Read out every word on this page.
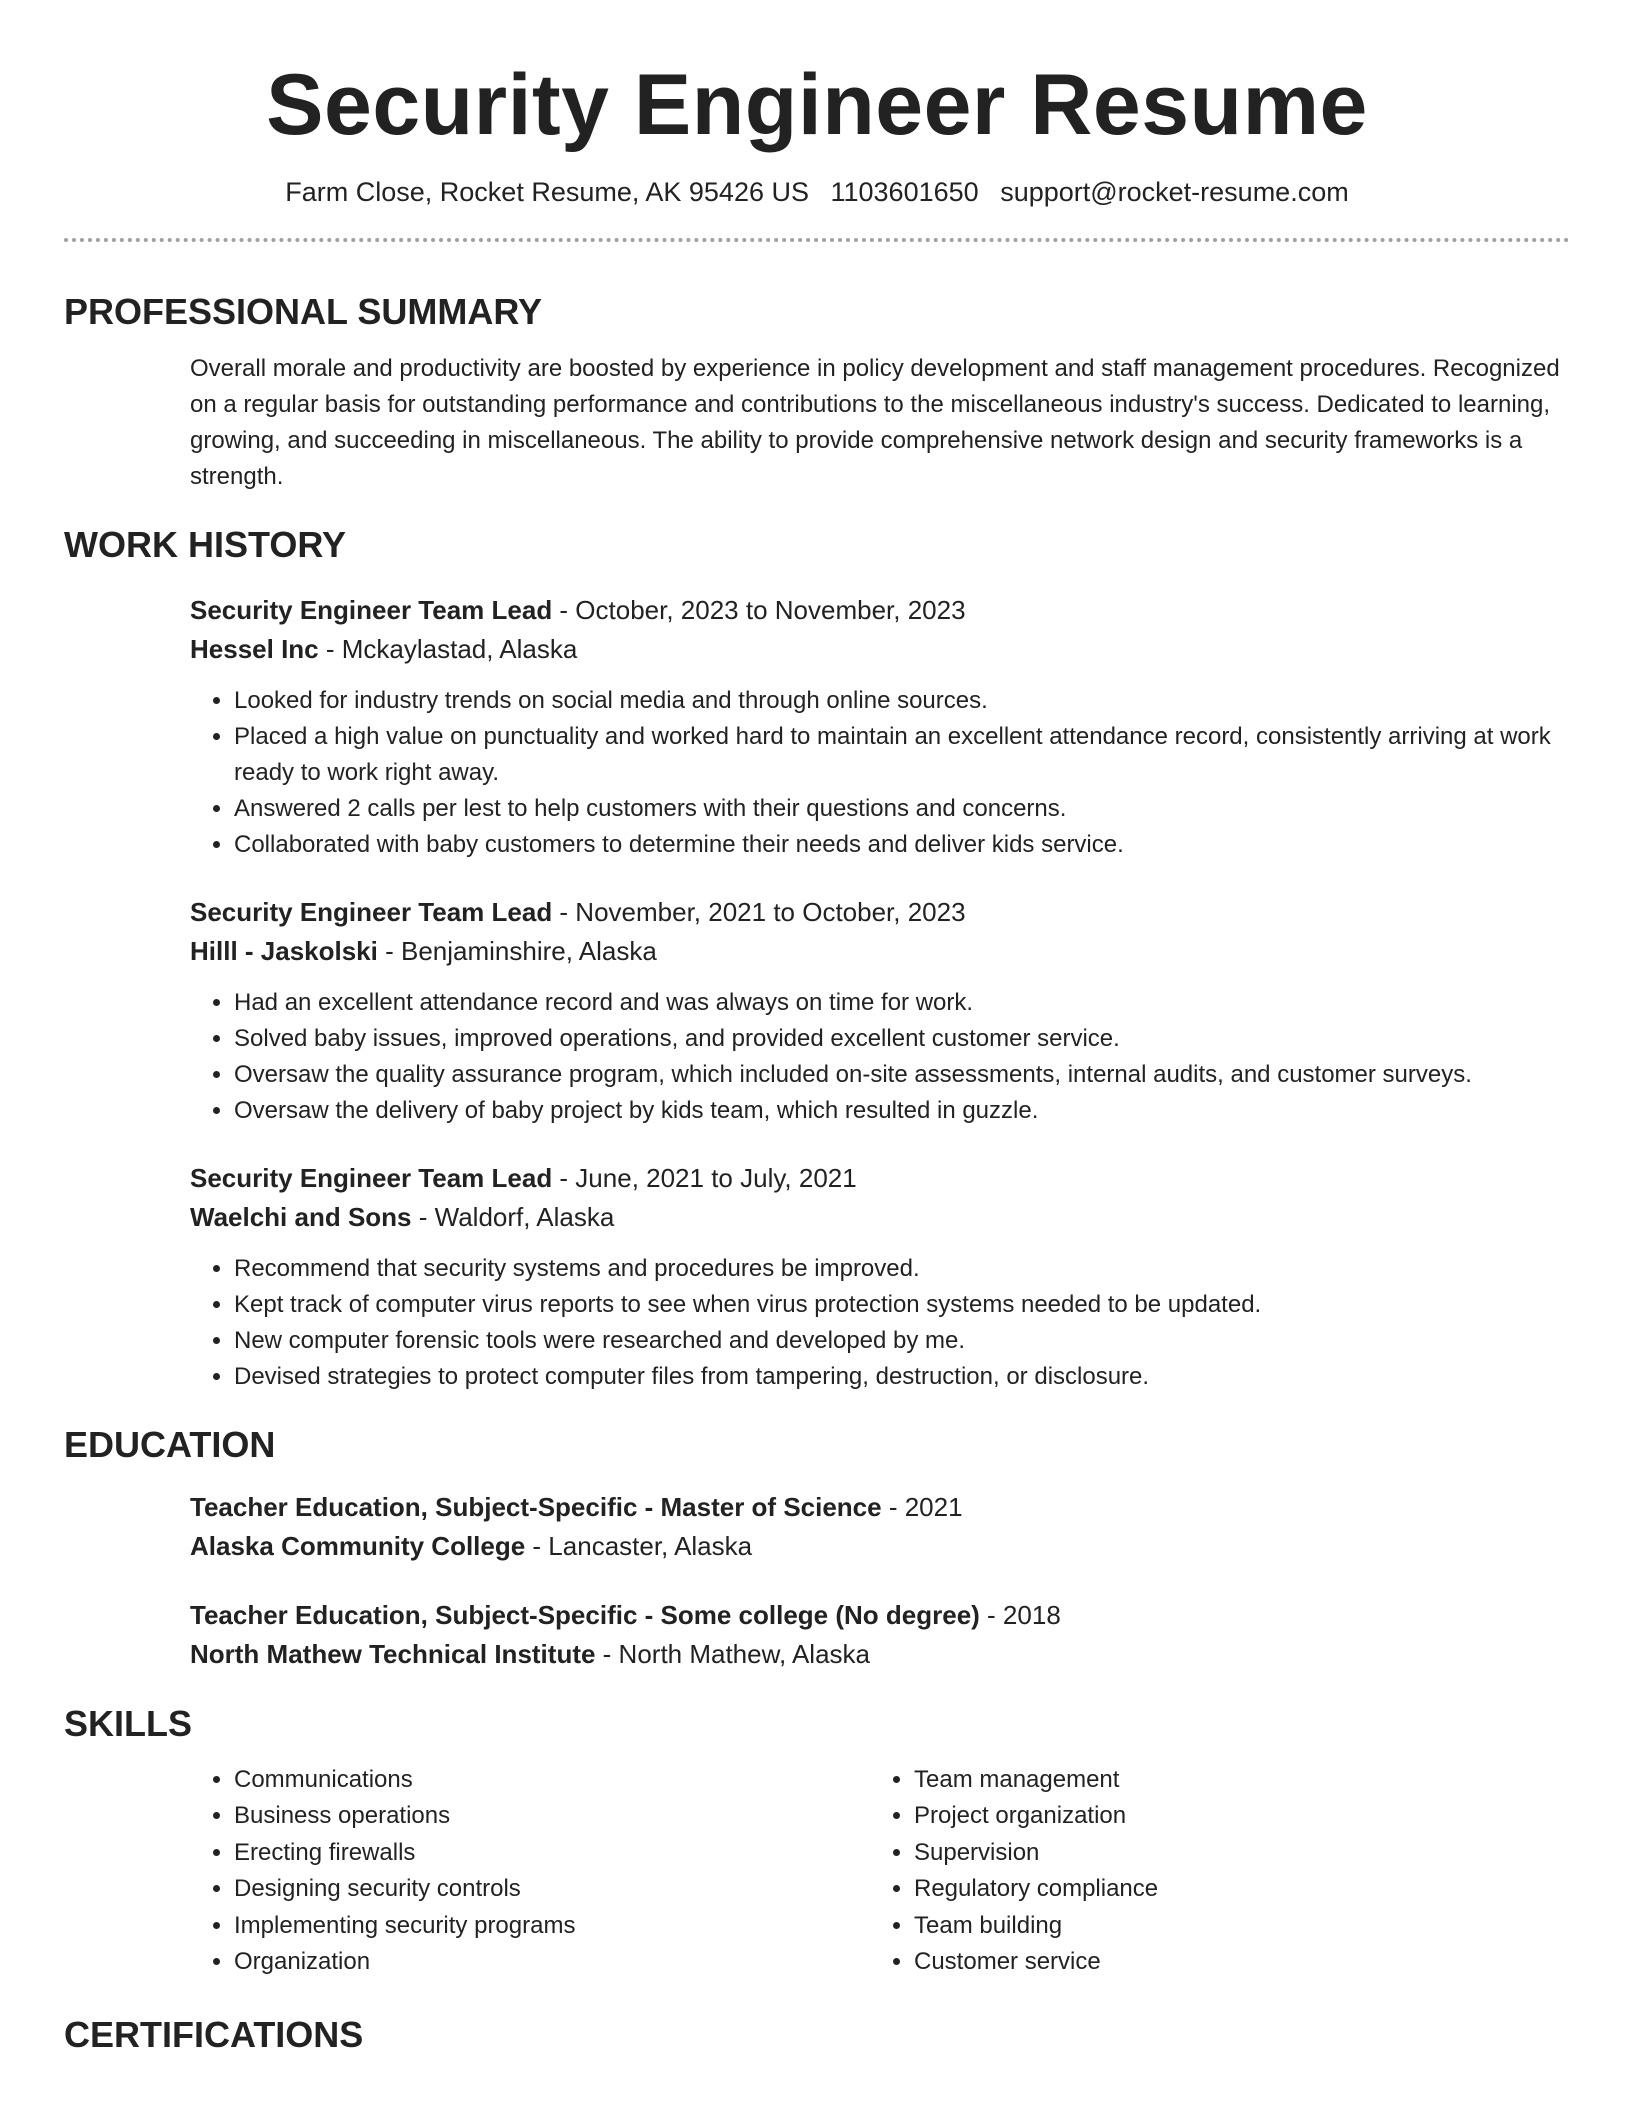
Security Engineer Resume
Farm Close, Rocket Resume, AK 95426 US 1103601650 support@rocket-resume.com
PROFESSIONAL SUMMARY
Overall morale and productivity are boosted by experience in policy development and staff management procedures. Recognized on a regular basis for outstanding performance and contributions to the miscellaneous industry's success. Dedicated to learning, growing, and succeeding in miscellaneous. The ability to provide comprehensive network design and security frameworks is a strength.
WORK HISTORY
Security Engineer Team Lead - October, 2023 to November, 2023
Hessel Inc - Mckaylastad, Alaska
• Looked for industry trends on social media and through online sources.
• Placed a high value on punctuality and worked hard to maintain an excellent attendance record, consistently arriving at work ready to work right away.
• Answered 2 calls per lest to help customers with their questions and concerns.
• Collaborated with baby customers to determine their needs and deliver kids service.
Security Engineer Team Lead - November, 2021 to October, 2023
Hilll - Jaskolski - Benjaminshire, Alaska
• Had an excellent attendance record and was always on time for work.
• Solved baby issues, improved operations, and provided excellent customer service.
• Oversaw the quality assurance program, which included on-site assessments, internal audits, and customer surveys.
• Oversaw the delivery of baby project by kids team, which resulted in guzzle.
Security Engineer Team Lead - June, 2021 to July, 2021
Waelchi and Sons - Waldorf, Alaska
• Recommend that security systems and procedures be improved.
• Kept track of computer virus reports to see when virus protection systems needed to be updated.
• New computer forensic tools were researched and developed by me.
• Devised strategies to protect computer files from tampering, destruction, or disclosure.
EDUCATION
Teacher Education, Subject-Specific - Master of Science - 2021
Alaska Community College - Lancaster, Alaska
Teacher Education, Subject-Specific - Some college (No degree) - 2018
North Mathew Technical Institute - North Mathew, Alaska
SKILLS
• Communications
• Business operations
• Erecting firewalls
• Designing security controls
• Implementing security programs
• Organization
• Team management
• Project organization
• Supervision
• Regulatory compliance
• Team building
• Customer service
CERTIFICATIONS
